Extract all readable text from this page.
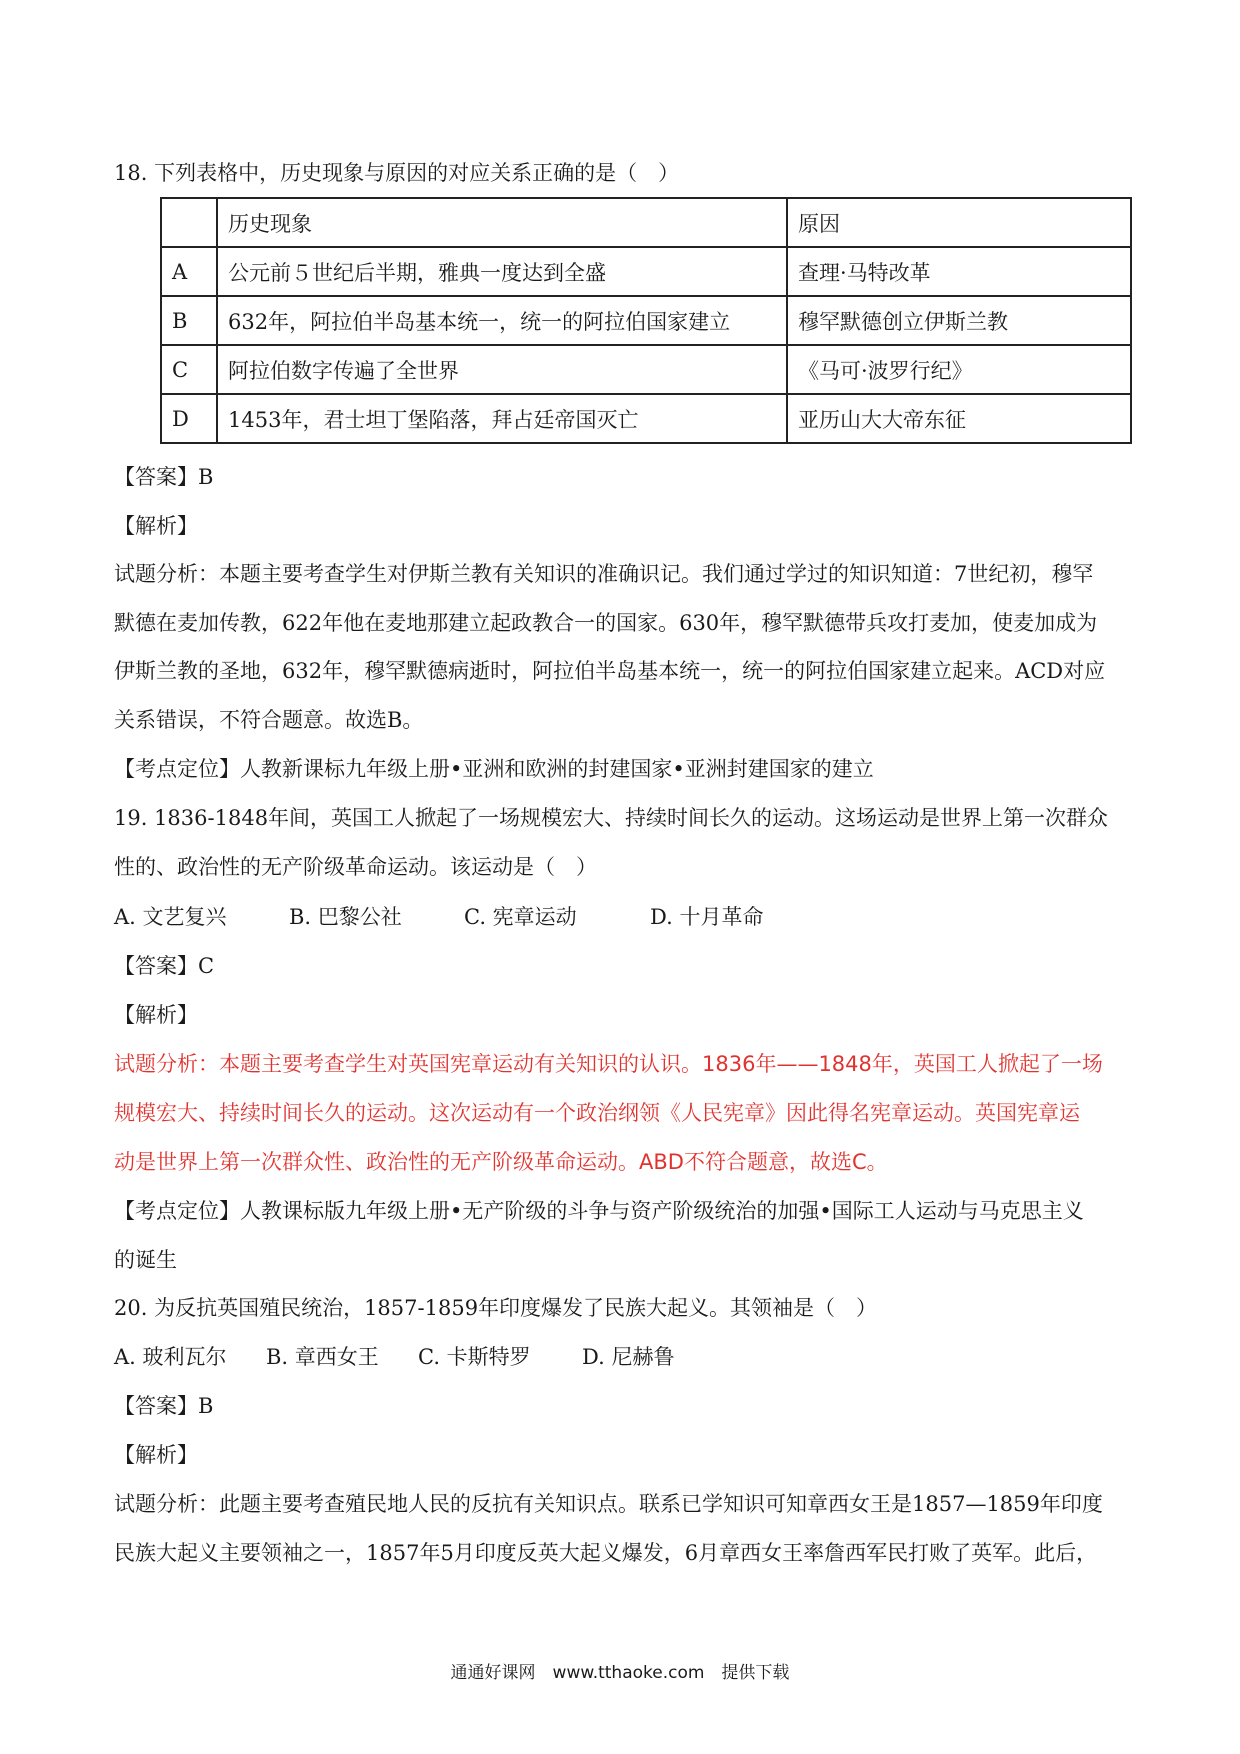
18. 下列表格中，历史现象与原因的对应关系正确的是（　）
	历史现象	原因
A	公元前５世纪后半期，雅典一度达到全盛	查理·马特改革
B	632年，阿拉伯半岛基本统一，统一的阿拉伯国家建立	穆罕默德创立伊斯兰教
C	阿拉伯数字传遍了全世界	《马可·波罗行纪》
D	1453年，君士坦丁堡陷落，拜占廷帝国灭亡	亚历山大大帝东征
【答案】B
【解析】
试题分析：本题主要考查学生对伊斯兰教有关知识的准确识记。我们通过学过的知识知道：7世纪初，穆罕
默德在麦加传教，622年他在麦地那建立起政教合一的国家。630年，穆罕默德带兵攻打麦加，使麦加成为
伊斯兰教的圣地，632年，穆罕默德病逝时，阿拉伯半岛基本统一，统一的阿拉伯国家建立起来。ACD对应
关系错误，不符合题意。故选B。
【考点定位】人教新课标九年级上册•亚洲和欧洲的封建国家•亚洲封建国家的建立
19. 1836-1848年间，英国工人掀起了一场规模宏大、持续时间长久的运动。这场运动是世界上第一次群众
性的、政治性的无产阶级革命运动。该运动是（　）
A. 文艺复兴	B. 巴黎公社	C. 宪章运动	D. 十月革命
【答案】C
【解析】
试题分析：本题主要考查学生对英国宪章运动有关知识的认识。1836年——1848年，英国工人掀起了一场
规模宏大、持续时间长久的运动。这次运动有一个政治纲领《人民宪章》因此得名宪章运动。英国宪章运
动是世界上第一次群众性、政治性的无产阶级革命运动。ABD不符合题意，故选C。
【考点定位】人教课标版九年级上册•无产阶级的斗争与资产阶级统治的加强•国际工人运动与马克思主义
的诞生
20. 为反抗英国殖民统治，1857-1859年印度爆发了民族大起义。其领袖是（　）
A. 玻利瓦尔 B. 章西女王 C. 卡斯特罗 D. 尼赫鲁
【答案】B
【解析】
试题分析：此题主要考查殖民地人民的反抗有关知识点。联系已学知识可知章西女王是1857—1859年印度
民族大起义主要领袖之一，1857年5月印度反英大起义爆发，6月章西女王率詹西军民打败了英军。此后，
通通好课网　www.tthaoke.com　提供下载
